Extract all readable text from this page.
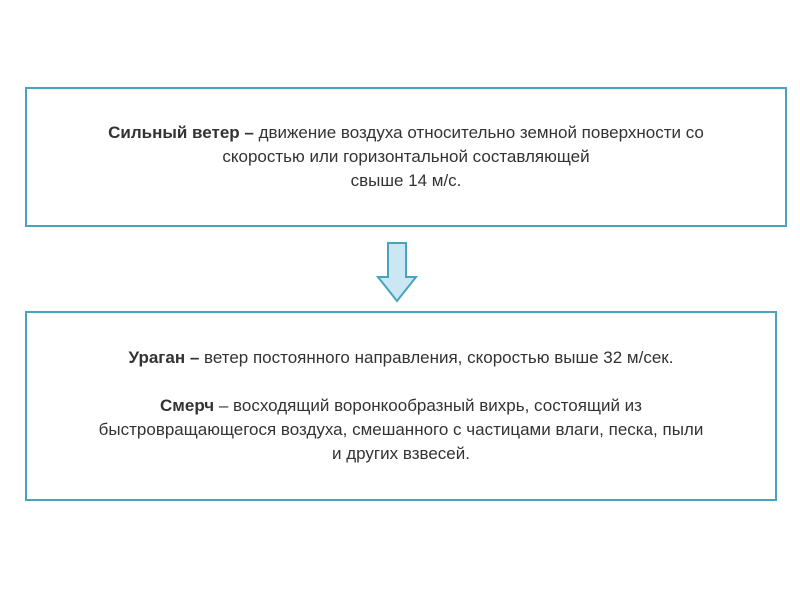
Сильный ветер – движение воздуха относительно земной поверхности со
скоростью или горизонтальной составляющей
свыше 14 м/с.
Ураган – ветер постоянного направления, скоростью выше 32 м/сек.
Смерч – восходящий воронкообразный вихрь, состоящий из
быстровращающегося воздуха, смешанного с частицами влаги, песка, пыли
и других взвесей.
